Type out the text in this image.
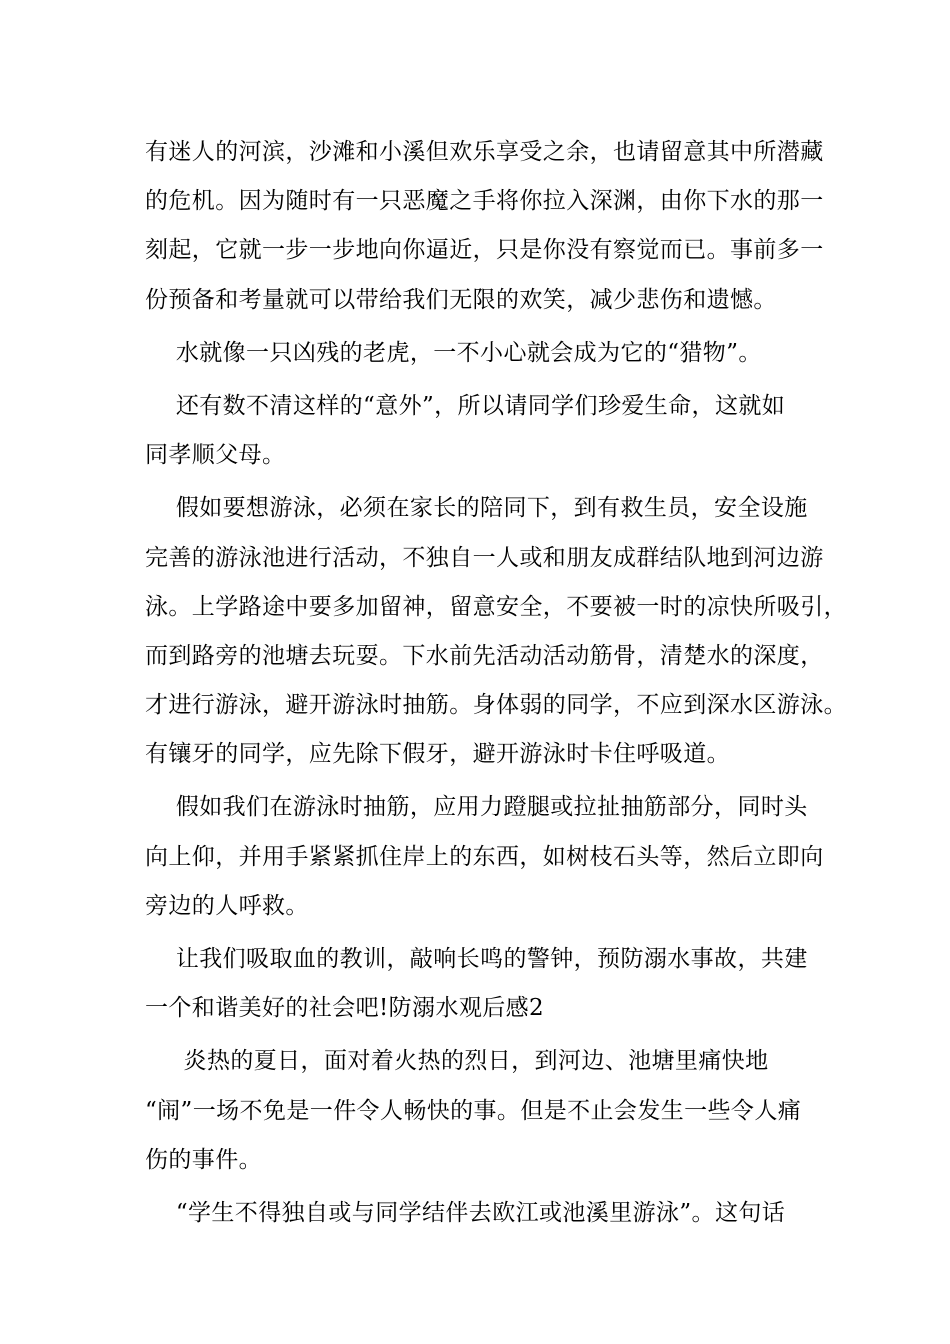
有迷人的河滨，沙滩和小溪但欢乐享受之余，也请留意其中所潜藏
的危机。因为随时有一只恶魔之手将你拉入深渊，由你下水的那一
刻起，它就一步一步地向你逼近，只是你没有察觉而已。事前多一
份预备和考量就可以带给我们无限的欢笑，减少悲伤和遗憾。
水就像一只凶残的老虎，一不小心就会成为它的“猎物”。
还有数不清这样的“意外”，所以请同学们珍爱生命，这就如
同孝顺父母。
假如要想游泳，必须在家长的陪同下，到有救生员，安全设施
完善的游泳池进行活动，不独自一人或和朋友成群结队地到河边游
泳。上学路途中要多加留神，留意安全，不要被一时的凉快所吸引，
而到路旁的池塘去玩耍。下水前先活动活动筋骨，清楚水的深度，
才进行游泳，避开游泳时抽筋。身体弱的同学，不应到深水区游泳。
有镶牙的同学，应先除下假牙，避开游泳时卡住呼吸道。
假如我们在游泳时抽筋，应用力蹬腿或拉扯抽筋部分，同时头
向上仰，并用手紧紧抓住岸上的东西，如树枝石头等，然后立即向
旁边的人呼救。
让我们吸取血的教训，敲响长鸣的警钟，预防溺水事故，共建
一个和谐美好的社会吧!防溺水观后感2
炎热的夏日，面对着火热的烈日，到河边、池塘里痛快地
“闹”一场不免是一件令人畅快的事。但是不止会发生一些令人痛
伤的事件。
“学生不得独自或与同学结伴去欧江或池溪里游泳”。这句话
